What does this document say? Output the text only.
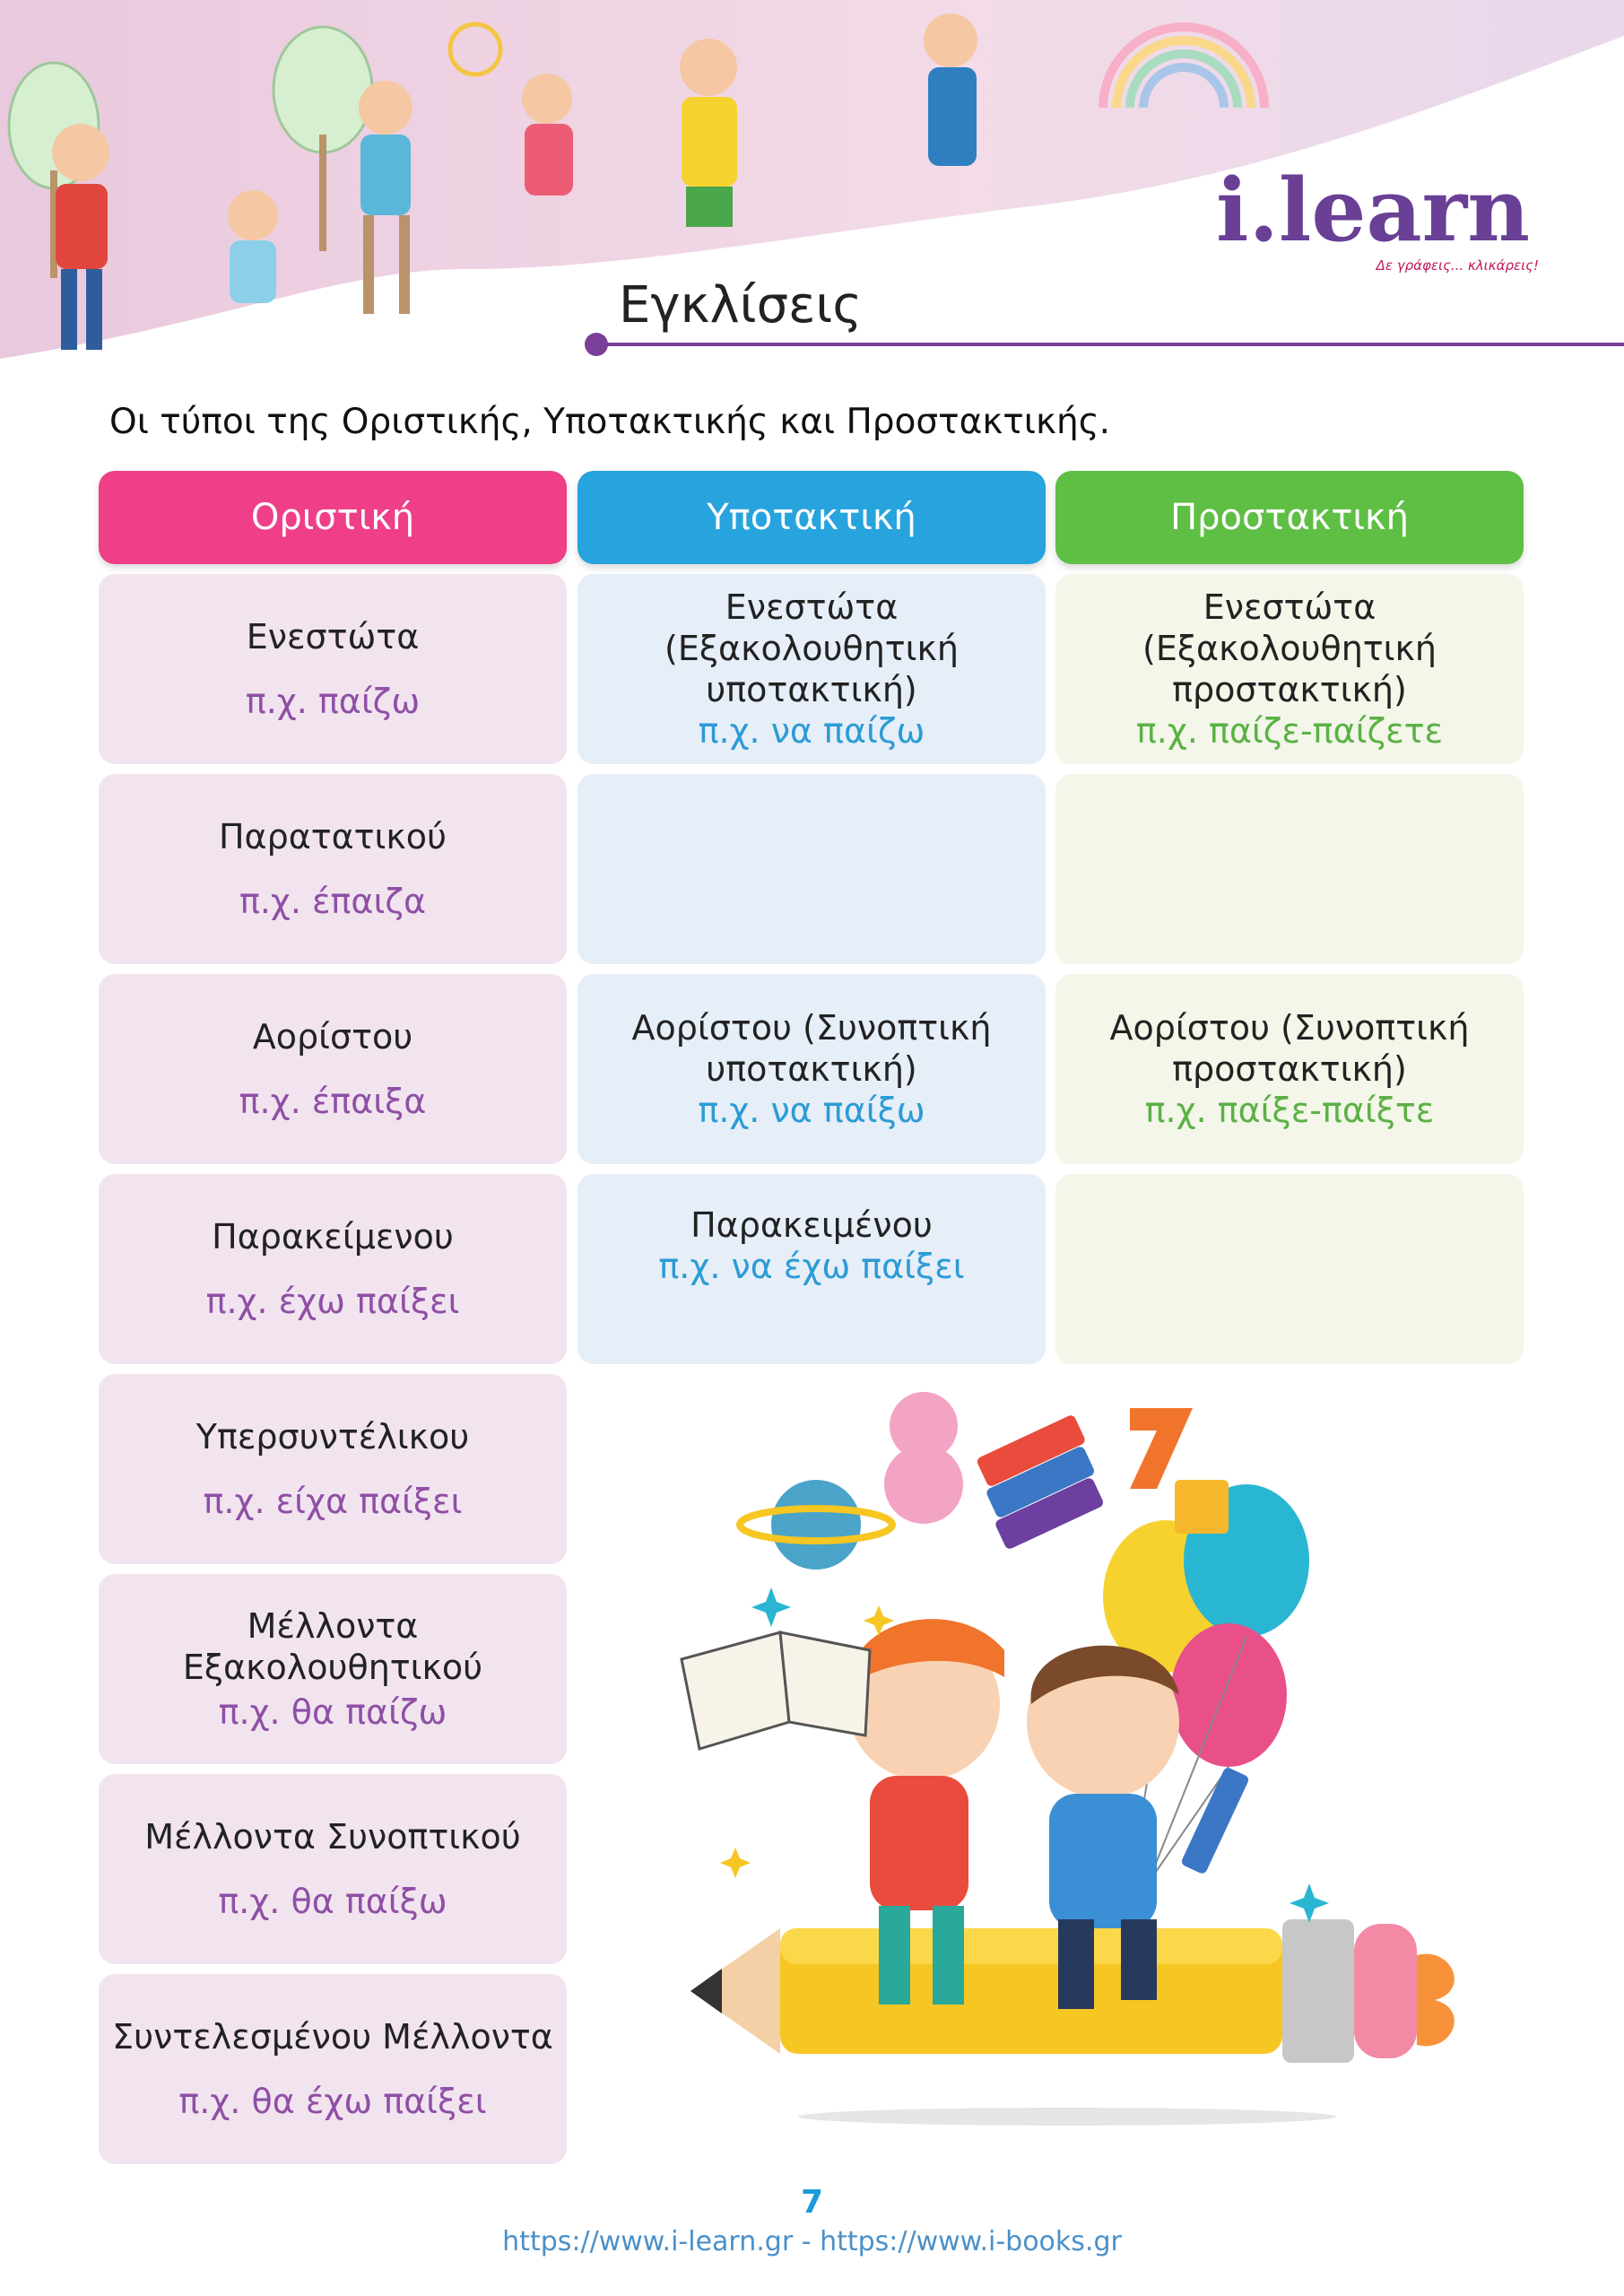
i.learn
Δε γράφεις... κλικάρεις!
Εγκλίσεις
Οι τύποι της Οριστικής, Υποτακτικής και Προστακτικής.
Οριστική	Υποτακτική	Προστακτική
Ενεστώτα
π.χ. παίζω
Ενεστώτα (Εξακολουθητική υποτακτική)
π.χ. να παίζω
Ενεστώτα (Εξακολουθητική προστακτική)
π.χ. παίζε-παίζετε
Παρατατικού
π.χ. έπαιζα
Αορίστου
π.χ. έπαιξα
Αορίστου (Συνοπτική υποτακτική)
π.χ. να παίξω
Αορίστου (Συνοπτική προστακτική)
π.χ. παίξε-παίξτε
Παρακείμενου
π.χ. έχω παίξει
Παρακειμένου
π.χ. να έχω παίξει
Υπερσυντέλικου
π.χ. είχα παίξει
Μέλλοντα Εξακολουθητικού
π.χ. θα παίζω
Μέλλοντα Συνοπτικού
π.χ. θα παίξω
Συντελεσμένου Μέλλοντα
π.χ. θα έχω παίξει
7
https://www.i-learn.gr - https://www.i-books.gr
